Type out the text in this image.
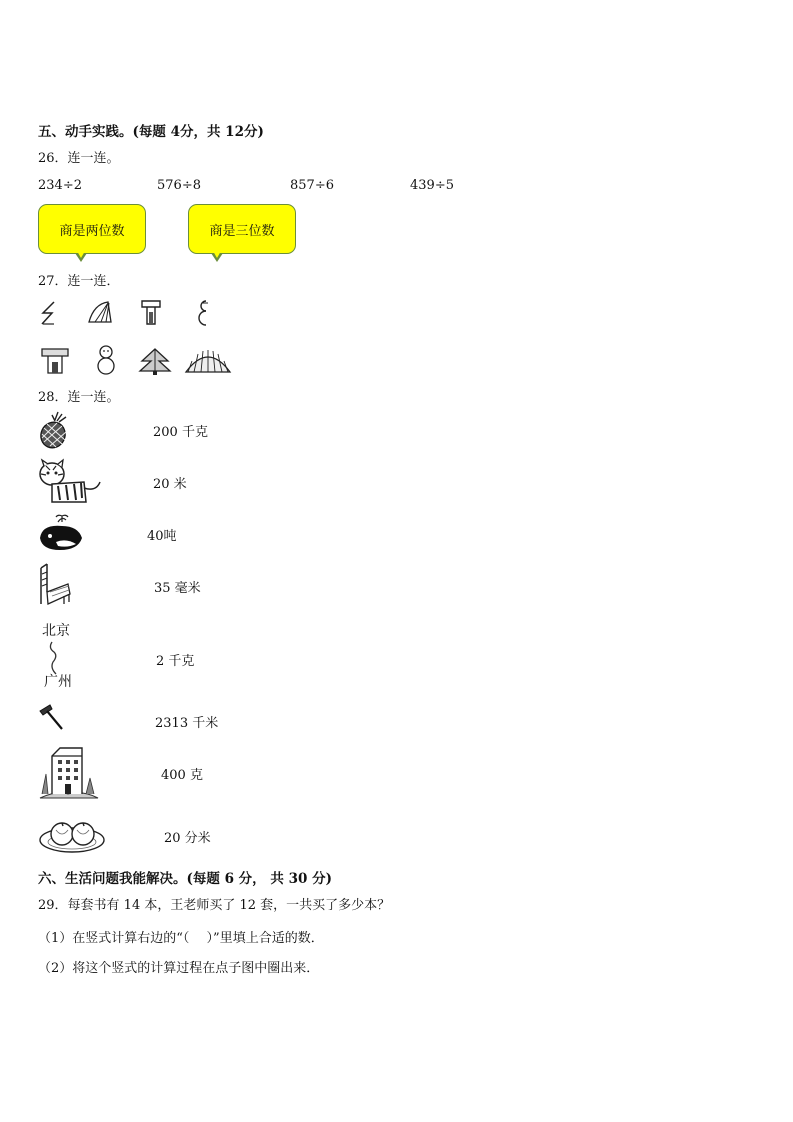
五、动手实践。(每题 4分，共 12分)
26．连一连。
234÷2	576÷8	857÷6	439÷5
商是两位数	商是三位数
27．连一连．
28．连一连。
北京
广州
200 千克
20 米
40吨
35 毫米
2 千克
2313 千米
400 克
20 分米
六、生活问题我能解决。(每题 6 分， 共 30 分)
29．每套书有 14 本，王老师买了 12 套，一共买了多少本？
（1）在竖式计算右边的“（　 ）”里填上合适的数．
（2）将这个竖式的计算过程在点子图中圈出来．
